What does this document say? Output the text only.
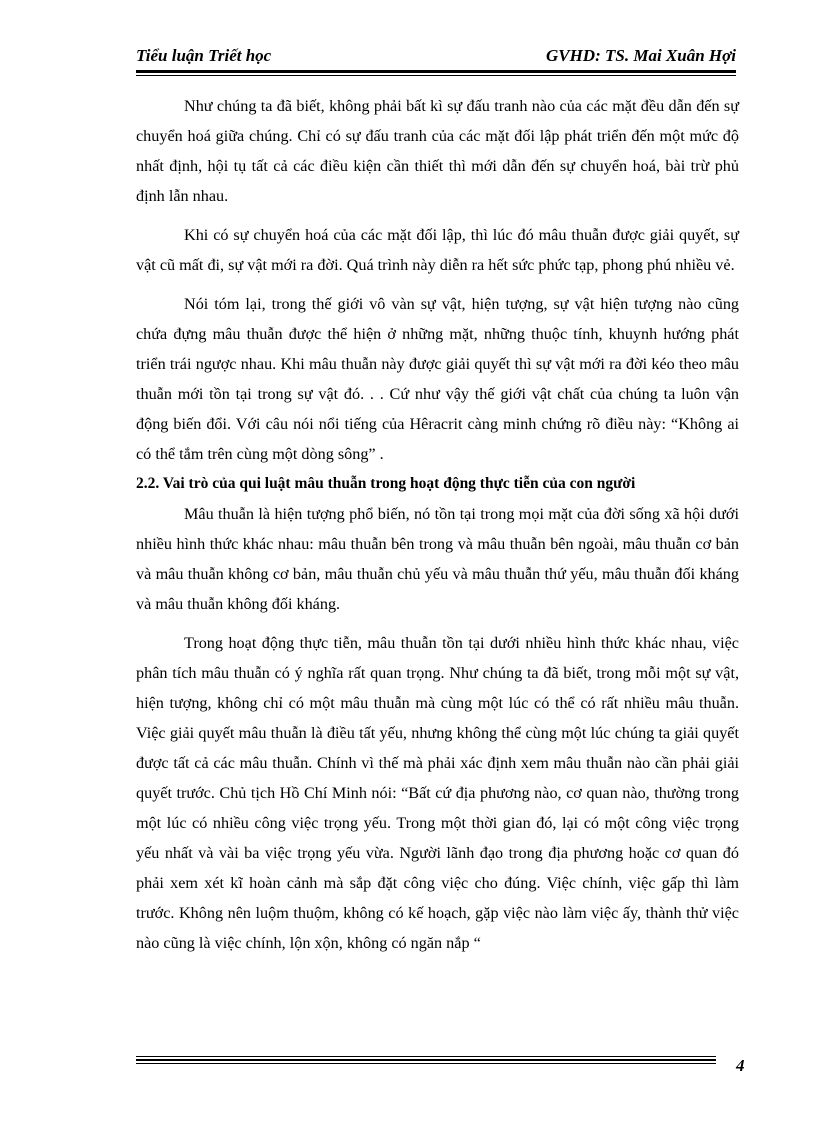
Tiểu luận Triết học	GVHD: TS. Mai Xuân Hợi

Như chúng ta đã biết, không phải bất kì sự đấu tranh nào của các mặt đều dẫn đến sự chuyển hoá giữa chúng. Chỉ có sự đấu tranh của các mặt đối lập phát triển đến một mức độ nhất định, hội tụ tất cả các điều kiện cần thiết thì mới dẫn đến sự chuyển hoá, bài trừ phủ định lẫn nhau.

Khi có sự chuyển hoá của các mặt đối lập, thì lúc đó mâu thuẫn được giải quyết, sự vật cũ mất đi, sự vật mới ra đời. Quá trình này diễn ra hết sức phức tạp, phong phú nhiều vẻ.

Nói tóm lại, trong thế giới vô vàn sự vật, hiện tượng, sự vật hiện tượng nào cũng chứa đựng mâu thuẫn được thể hiện ở những mặt, những thuộc tính, khuynh hướng phát triển trái ngược nhau. Khi mâu thuẫn này được giải quyết thì sự vật mới ra đời kéo theo mâu thuẫn mới tồn tại trong sự vật đó. . . Cứ như vậy thế giới vật chất của chúng ta luôn vận động biến đổi. Với câu nói nổi tiếng của Hêracrit càng minh chứng rõ điều này: “Không ai có thể tắm trên cùng một dòng sông” .

2.2. Vai trò của qui luật mâu thuẫn trong hoạt động thực tiễn của con người

Mâu thuẫn là hiện tượng phổ biến, nó tồn tại trong mọi mặt của đời sống xã hội dưới nhiều hình thức khác nhau: mâu thuẫn bên trong và mâu thuẫn bên ngoài, mâu thuẫn cơ bản và mâu thuẫn không cơ bản, mâu thuẫn chủ yếu và mâu thuẫn thứ yếu, mâu thuẫn đối kháng và mâu thuẫn không đối kháng.

Trong hoạt động thực tiễn, mâu thuẫn tồn tại dưới nhiều hình thức khác nhau, việc phân tích mâu thuẫn có ý nghĩa rất quan trọng. Như chúng ta đã biết, trong mỗi một sự vật, hiện tượng, không chỉ có một mâu thuẫn mà cùng một lúc có thể có rất nhiều mâu thuẫn. Việc giải quyết mâu thuẫn là điều tất yếu, nhưng không thể cùng một lúc chúng ta giải quyết được tất cả các mâu thuẫn. Chính vì thế mà phải xác định xem mâu thuẫn nào cần phải giải quyết trước. Chủ tịch Hồ Chí Minh nói: “Bất cứ địa phương nào, cơ quan nào, thường trong một lúc có nhiều công việc trọng yếu. Trong một thời gian đó, lại có một công việc trọng yếu nhất và vài ba việc trọng yếu vừa. Người lãnh đạo trong địa phương hoặc cơ quan đó phải xem xét kĩ hoàn cảnh mà sắp đặt công việc cho đúng. Việc chính, việc gấp thì làm trước. Không nên luộm thuộm, không có kế hoạch, gặp việc nào làm việc ấy, thành thử việc nào cũng là việc chính, lộn xộn, không có ngăn nắp “

4
